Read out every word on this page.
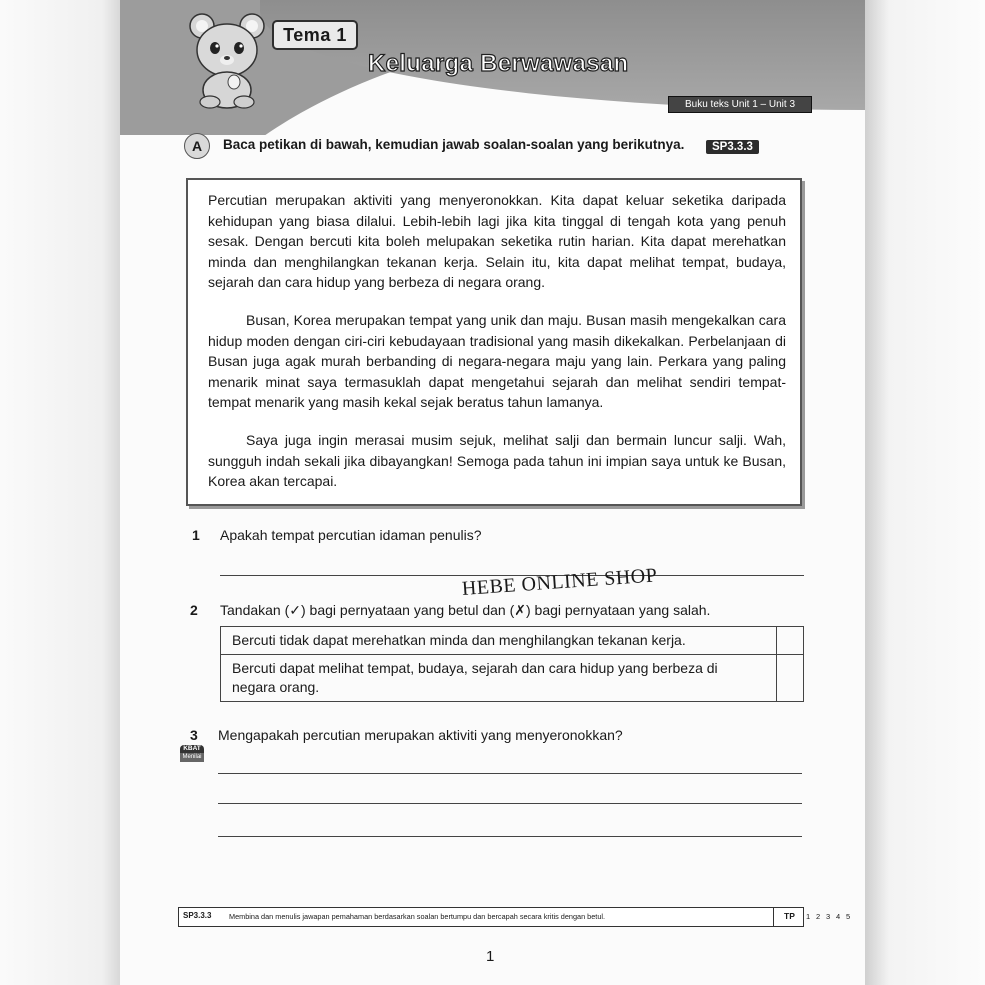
Tema 1
Keluarga Berwawasan
Buku teks Unit 1 – Unit 3
A	Baca petikan di bawah, kemudian jawab soalan-soalan yang berikutnya.	SP3.3.3

Percutian merupakan aktiviti yang menyeronokkan. Kita dapat keluar seketika daripada kehidupan yang biasa dilalui. Lebih-lebih lagi jika kita tinggal di tengah kota yang penuh sesak. Dengan bercuti kita boleh melupakan seketika rutin harian. Kita dapat merehatkan minda dan menghilangkan tekanan kerja. Selain itu, kita dapat melihat tempat, budaya, sejarah dan cara hidup yang berbeza di negara orang.

Busan, Korea merupakan tempat yang unik dan maju. Busan masih mengekalkan cara hidup moden dengan ciri-ciri kebudayaan tradisional yang masih dikekalkan. Perbelanjaan di Busan juga agak murah berbanding di negara-negara maju yang lain. Perkara yang paling menarik minat saya termasuklah dapat mengetahui sejarah dan melihat sendiri tempat-tempat menarik yang masih kekal sejak beratus tahun lamanya.

Saya juga ingin merasai musim sejuk, melihat salji dan bermain luncur salji. Wah, sungguh indah sekali jika dibayangkan! Semoga pada tahun ini impian saya untuk ke Busan, Korea akan tercapai.

1 Apakah tempat percutian idaman penulis?
2 Tandakan (✓) bagi pernyataan yang betul dan (✗) bagi pernyataan yang salah.
HEBE ONLINE SHOP
Bercuti tidak dapat merehatkan minda dan menghilangkan tekanan kerja.	
Bercuti dapat melihat tempat, budaya, sejarah dan cara hidup yang berbeza di negara orang.	
3 Mengapakah percutian merupakan aktiviti yang menyeronokkan?
KBAT
Menilai
SP3.3.3 Membina dan menulis jawapan pemahaman berdasarkan soalan bertumpu dan bercapah secara kritis dengan betul.	TP 1 2 3 4 5
1
